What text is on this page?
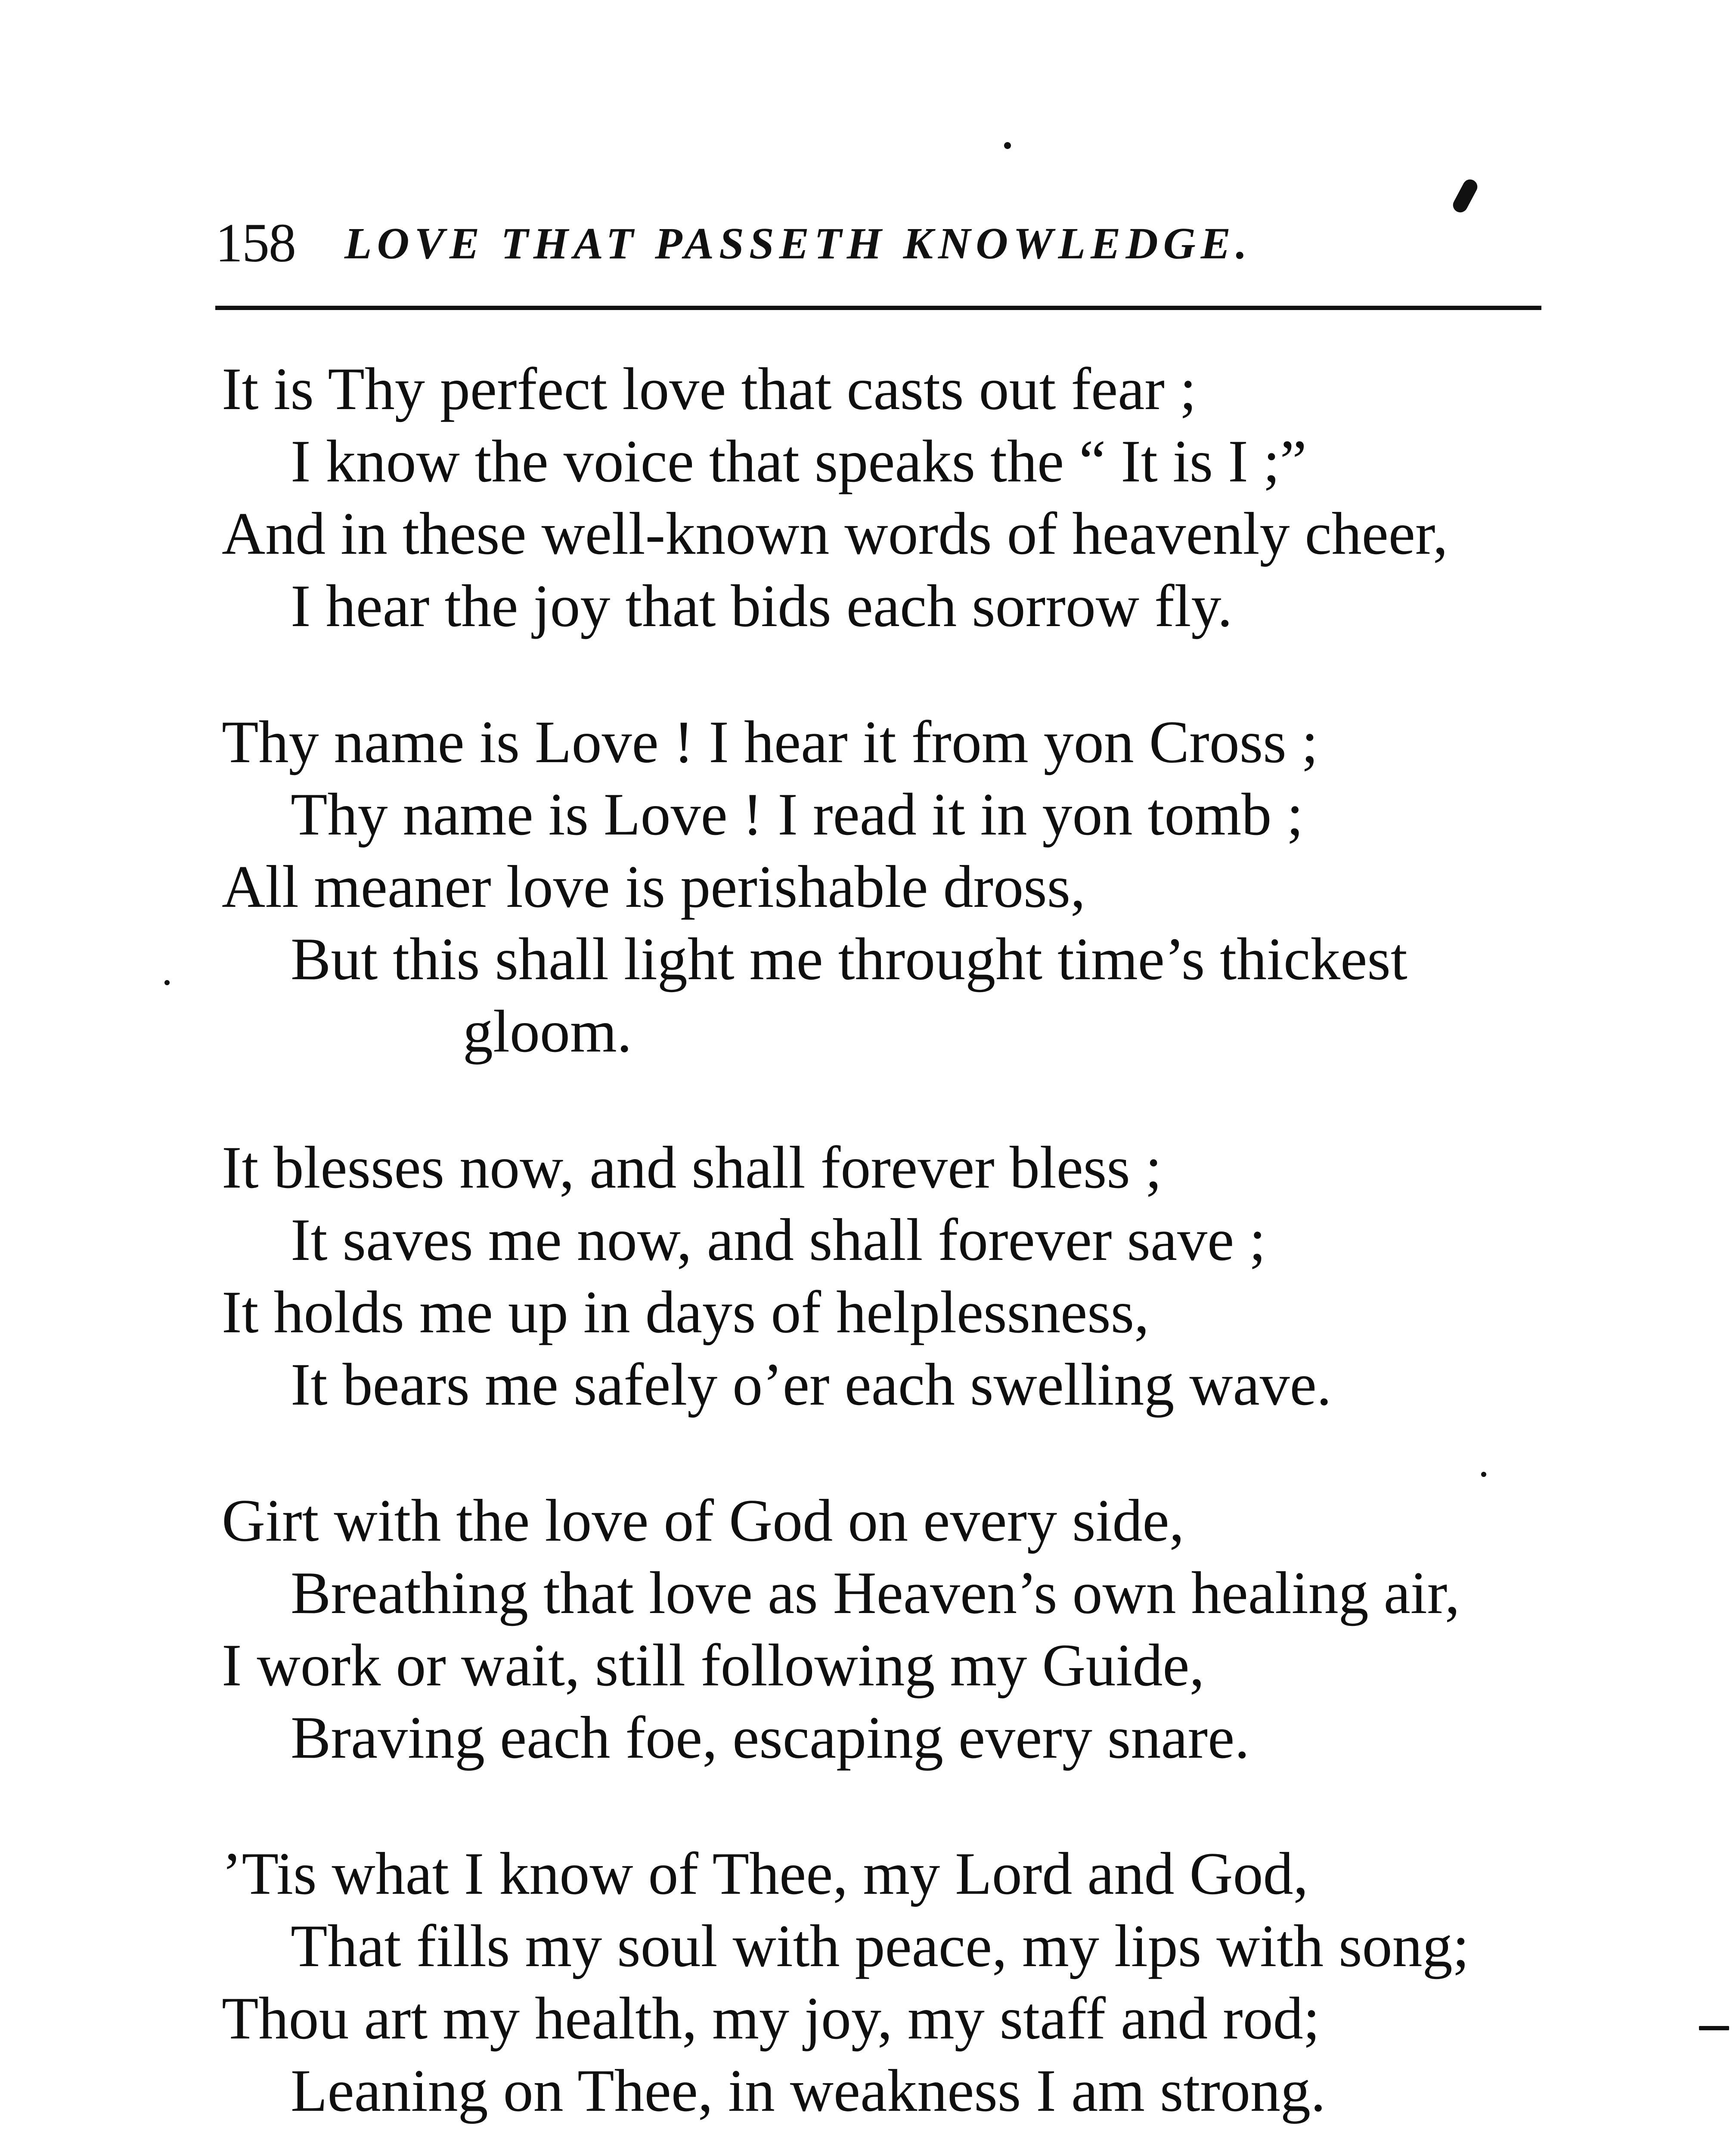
158 LOVE THAT PASSETH KNOWLEDGE.
It is Thy perfect love that casts out fear ;
I know the voice that speaks the “ It is I ;”
And in these well-known words of heavenly cheer,
I hear the joy that bids each sorrow fly.
Thy name is Love ! I hear it from yon Cross ;
Thy name is Love ! I read it in yon tomb ;
All meaner love is perishable dross,
But this shall light me throught time’s thickest
gloom.
It blesses now, and shall forever bless ;
It saves me now, and shall forever save ;
It holds me up in days of helplessness,
It bears me safely o’er each swelling wave.
Girt with the love of God on every side,
Breathing that love as Heaven’s own healing air,
I work or wait, still following my Guide,
Braving each foe, escaping every snare.
’Tis what I know of Thee, my Lord and God,
That fills my soul with peace, my lips with song;
Thou art my health, my joy, my staff and rod;
Leaning on Thee, in weakness I am strong.
